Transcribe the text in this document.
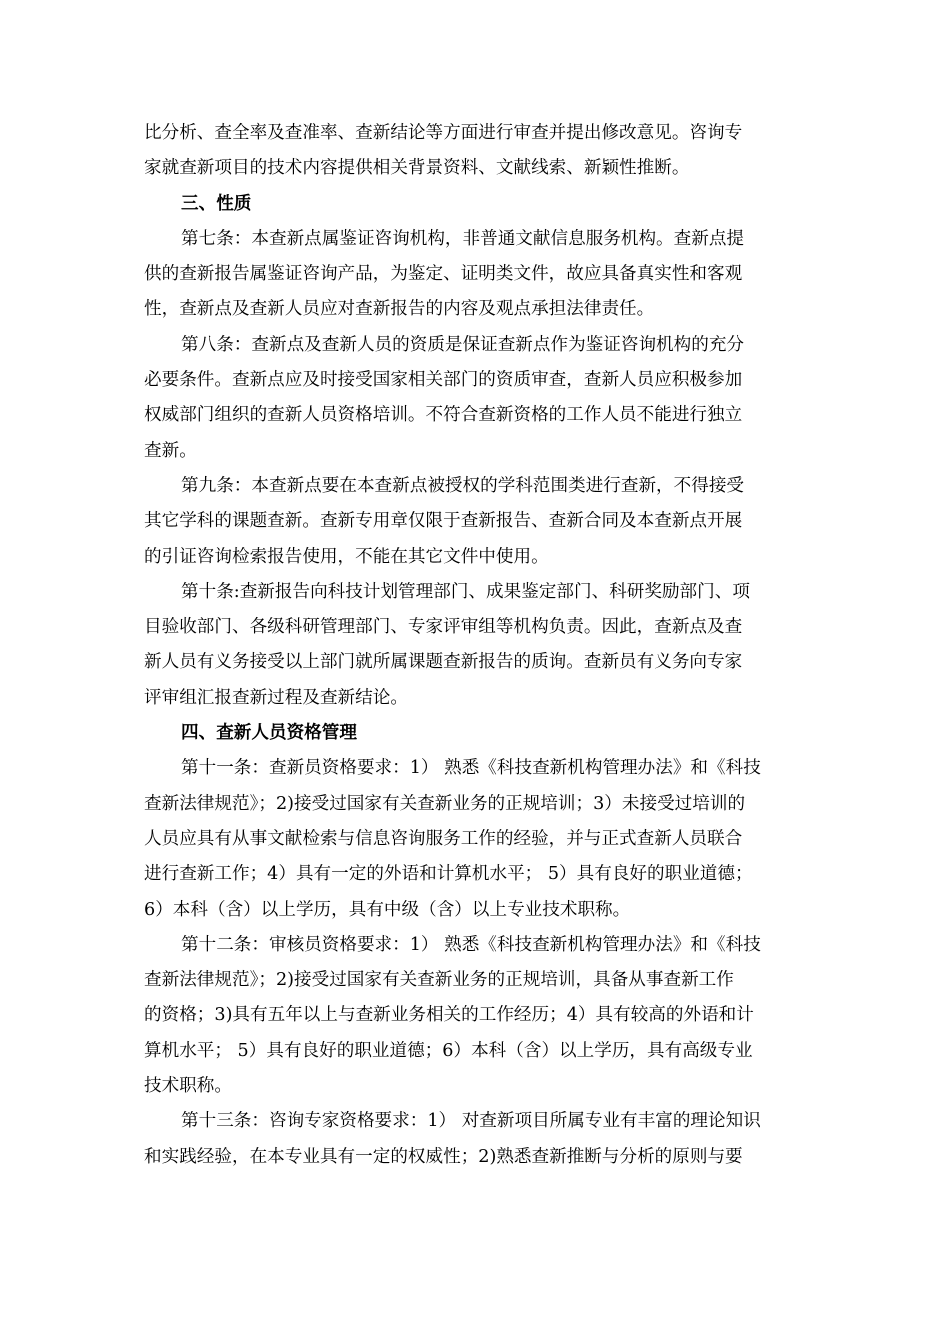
比分析、查全率及查准率、查新结论等方面进行审查并提出修改意见。咨询专
家就查新项目的技术内容提供相关背景资料、文献线索、新颖性推断。
三、性质
第七条：本查新点属鉴证咨询机构，非普通文献信息服务机构。查新点提
供的查新报告属鉴证咨询产品，为鉴定、证明类文件，故应具备真实性和客观
性，查新点及查新人员应对查新报告的内容及观点承担法律责任。
第八条：查新点及查新人员的资质是保证查新点作为鉴证咨询机构的充分
必要条件。查新点应及时接受国家相关部门的资质审查，查新人员应积极参加
权威部门组织的查新人员资格培训。不符合查新资格的工作人员不能进行独立
查新。
第九条：本查新点要在本查新点被授权的学科范围类进行查新，不得接受
其它学科的课题查新。查新专用章仅限于查新报告、查新合同及本查新点开展
的引证咨询检索报告使用，不能在其它文件中使用。
第十条:查新报告向科技计划管理部门、成果鉴定部门、科研奖励部门、项
目验收部门、各级科研管理部门、专家评审组等机构负责。因此，查新点及查
新人员有义务接受以上部门就所属课题查新报告的质询。查新员有义务向专家
评审组汇报查新过程及查新结论。
四、查新人员资格管理
第十一条：查新员资格要求：1） 熟悉《科技查新机构管理办法》和《科技
查新法律规范》；2)接受过国家有关查新业务的正规培训；3）未接受过培训的
人员应具有从事文献检索与信息咨询服务工作的经验，并与正式查新人员联合
进行查新工作；4）具有一定的外语和计算机水平； 5）具有良好的职业道德；
6）本科（含）以上学历，具有中级（含）以上专业技术职称。
第十二条：审核员资格要求：1） 熟悉《科技查新机构管理办法》和《科技
查新法律规范》；2)接受过国家有关查新业务的正规培训，具备从事查新工作
的资格；3)具有五年以上与查新业务相关的工作经历；4）具有较高的外语和计
算机水平； 5）具有良好的职业道德；6）本科（含）以上学历，具有高级专业
技术职称。
第十三条：咨询专家资格要求：1） 对查新项目所属专业有丰富的理论知识
和实践经验，在本专业具有一定的权威性；2)熟悉查新推断与分析的原则与要
